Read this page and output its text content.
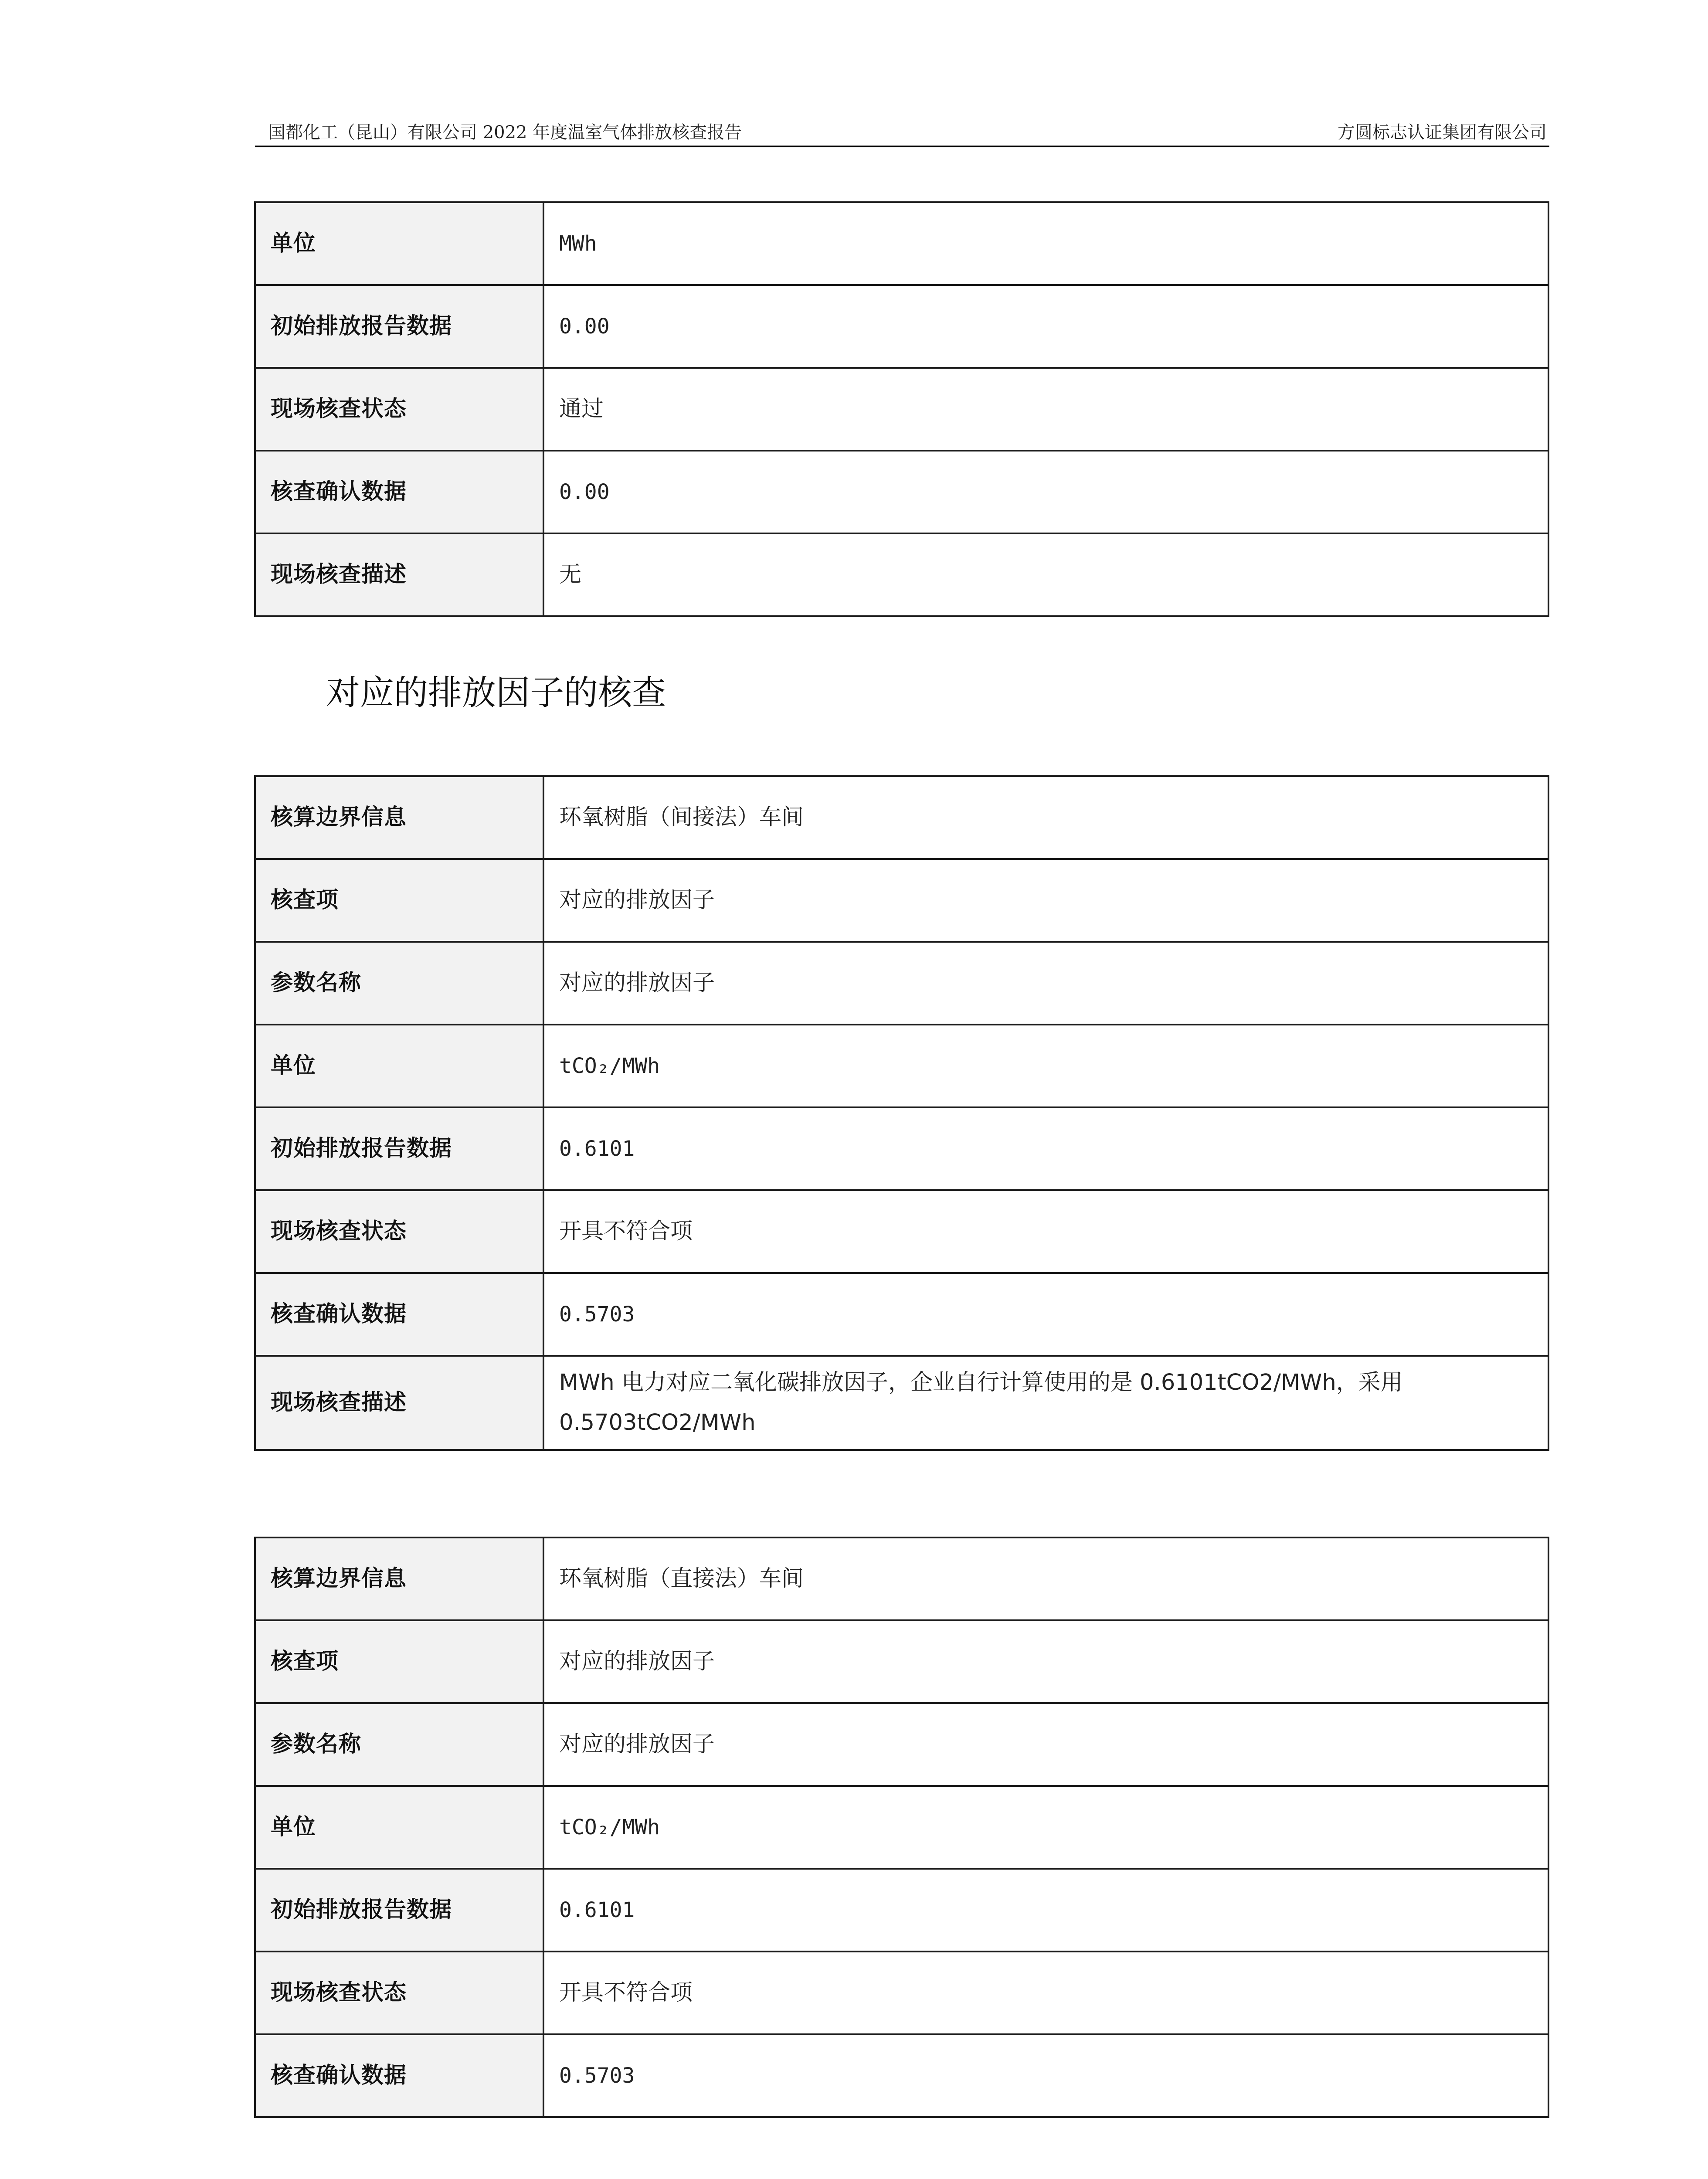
国都化工（昆山）有限公司 2022 年度温室气体排放核查报告	方圆标志认证集团有限公司
单位	MWh
初始排放报告数据	0.00
现场核查状态	通过
核查确认数据	0.00
现场核查描述	无
对应的排放因子的核查
核算边界信息	环氧树脂（间接法）车间
核查项	对应的排放因子
参数名称	对应的排放因子
单位	tCO₂/MWh
初始排放报告数据	0.6101
现场核查状态	开具不符合项
核查确认数据	0.5703
现场核查描述	MWh 电力对应二氧化碳排放因子，企业自行计算使用的是 0.6101tCO2/MWh，采用 0.5703tCO2/MWh
核算边界信息	环氧树脂（直接法）车间
核查项	对应的排放因子
参数名称	对应的排放因子
单位	tCO₂/MWh
初始排放报告数据	0.6101
现场核查状态	开具不符合项
核查确认数据	0.5703
